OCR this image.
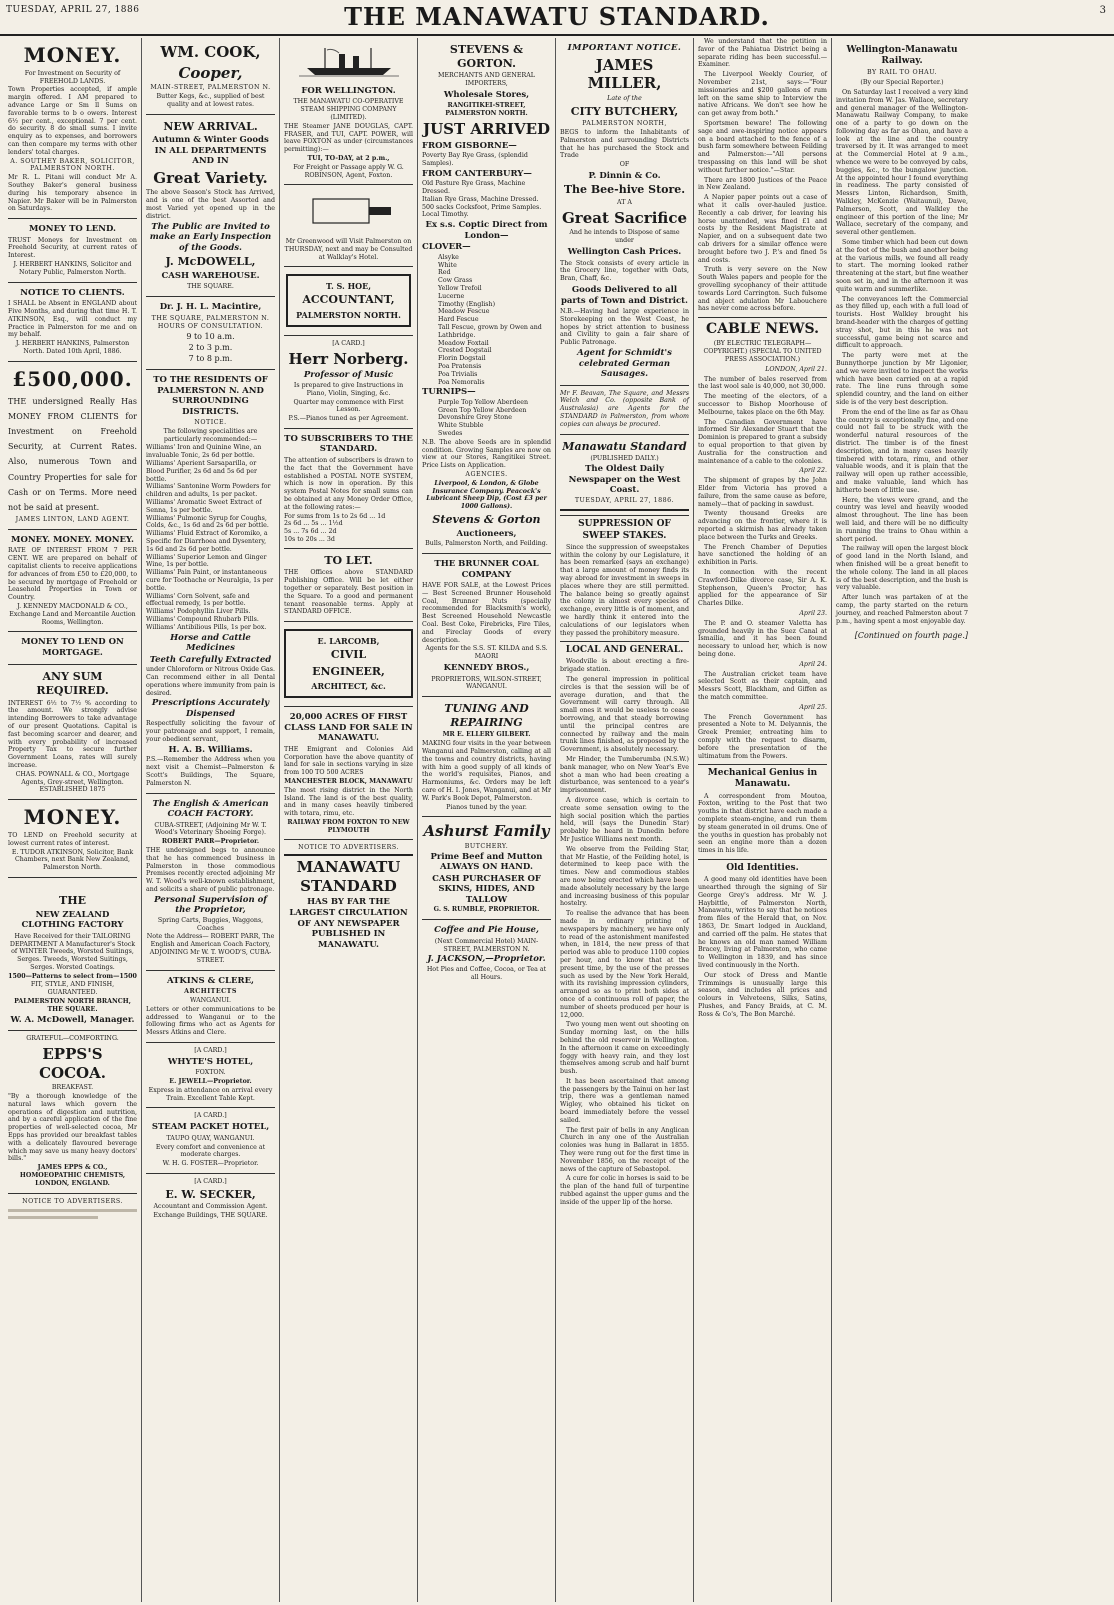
TUESDAY, APRIL 27, 1886	THE MANAWATU STANDARD.	3
MONEY.

For Investment on Security of FREEHOLD LANDS.

Town Properties accepted, if ample margin offered. I AM prepared to advance Large or Sm ll Sums on favorable terms to b o owers. Interest 6½ per cent., exceptional. 7 per cent. do security. 8 do small sums. I invite enquiry as to expenses, and borrowers can then compare my terms with other lenders' total charges.

A. SOUTHEY BAKER, SOLICITOR, PALMERSTON NORTH.

Mr R. L. Pitani will conduct Mr A. Southey Baker's general business during his temporary absence in Napier. Mr Baker will be in Palmerston on Saturdays.

MONEY TO LEND.

TRUST Moneys for Investment on Freehold Security, at current rates of Interest.

J. HERBERT HANKINS, Solicitor and Notary Public, Palmerston North.

NOTICE TO CLIENTS.

I SHALL be Absent in ENGLAND about Five Months, and during that time H. T. ATKINSON, Esq., will conduct my Practice in Palmerston for me and on my behalf.

J. HERBERT HANKINS, Palmerston North. Dated 10th April, 1886.

£500,000.

THE undersigned Really Has MONEY FROM CLIENTS for Investment on Freehold Security, at Current Rates. Also, numerous Town and Country Properties for sale for Cash or on Terms. More need not be said at present.

JAMES LINTON, LAND AGENT.

MONEY. MONEY. MONEY.

RATE OF INTEREST FROM 7 PER CENT. WE are prepared on behalf of capitalist clients to receive applications for advances of from £50 to £20,000, to be secured by mortgage of Freehold or Leasehold Properties in Town or Country.

J. KENNEDY MACDONALD & CO., Exchange Land and Mercantile Auction Rooms, Wellington.

MONEY TO LEND ON MORTGAGE.
ANY SUM REQUIRED.

INTEREST 6½ to 7½ % according to the amount. We strongly advise intending Borrowers to take advantage of our present Quotations. Capital is fast becoming scarcer and dearer, and with every probability of increased Property Tax to secure further Government Loans, rates will surely increase.

CHAS. POWNALL & CO., Mortgage Agents, Grey-street, Wellington. ESTABLISHED 1875

MONEY.

TO LEND on Freehold security at lowest current rates of interest.

E. TUDOR ATKINSON, Solicitor, Bank Chambers, next Bank New Zealand, Palmerston North.

THE
NEW ZEALAND CLOTHING FACTORY

Have Received for their TAILORING DEPARTMENT A Manufacturer's Stock of WINTER Tweeds, Worsted Suitings, Serges. Tweeds, Worsted Suitings, Serges. Worsted Coatings.

1500—Patterns to select from—1500

FIT, STYLE, AND FINISH, GUARANTEED.

PALMERSTON NORTH BRANCH, THE SQUARE.

W. A. McDowell, Manager.

GRATEFUL—COMFORTING.

EPPS'S COCOA.

BREAKFAST.

"By a thorough knowledge of the natural laws which govern the operations of digestion and nutrition, and by a careful application of the fine properties of well-selected cocoa, Mr Epps has provided our breakfast tables with a delicately flavoured beverage which may save us many heavy doctors' bills."

JAMES EPPS & CO., HOMOEOPATHIC CHEMISTS, LONDON, ENGLAND.

NOTICE TO ADVERTISERS.

WM. COOK,
Cooper,

MAIN-STREET, PALMERSTON N.

Butter Kegs, &c., supplied of best quality and at lowest rates.

NEW ARRIVAL.
Autumn & Winter Goods IN ALL DEPARTMENTS AND IN
Great Variety.

The above Season's Stock has Arrived, and is one of the best Assorted and most Varied yet opened up in the district.

The Public are Invited to make an Early Inspection of the Goods.

J. McDOWELL,
CASH WAREHOUSE.

THE SQUARE.

Dr. J. H. L. Macintire,

THE SQUARE, PALMERSTON N.

HOURS OF CONSULTATION.

9 to 10 a.m.

2 to 3 p.m.

7 to 8 p.m.

TO THE RESIDENTS OF PALMERSTON N. AND SURROUNDING DISTRICTS.

NOTICE.

The following specialities are particularly recommended:—

Williams' Iron and Quinine Wine, an invaluable Tonic, 2s 6d per bottle.

Williams' Aperient Sarsaparilla, or Blood Purifier, 2s 6d and 5s 6d per bottle.

Williams' Santonine Worm Powders for children and adults, 1s per packet.

Williams' Aromatic Sweet Extract of Senna, 1s per bottle.

Williams' Pulmonic Syrup for Coughs, Colds, &c., 1s 6d and 2s 6d per bottle.

Williams' Fluid Extract of Koromiko, a Specific for Diarrhoea and Dysentery, 1s 6d and 2s 6d per bottle.

Williams' Superior Lemon and Ginger Wine, 1s per bottle.

Williams' Pain Paint, or instantaneous cure for Toothache or Neuralgia, 1s per bottle.

Williams' Corn Solvent, safe and effectual remedy, 1s per bottle.

Williams' Podophyllin Liver Pills.

Williams' Compound Rhubarb Pills.

Williams' Antibilious Pills, 1s per box.

Horse and Cattle Medicines

Teeth Carefully Extracted

under Chloroform or Nitrous Oxide Gas. Can recommend either in all Dental operations where immunity from pain is desired.

Prescriptions Accurately Dispensed

Respectfully soliciting the favour of your patronage and support, I remain, your obedient servant,

H. A. B. Williams.

P.S.—Remember the Address when you next visit a Chemist—Palmerston & Scott's Buildings, The Square, Palmerston N.

The English & American COACH FACTORY.

CUBA-STREET, (Adjoining Mr W. T. Wood's Veterinary Shoeing Forge).

ROBERT PARR—Proprietor.

THE undersigned begs to announce that he has commenced business in Palmerston in those commodious Premises recently erected adjoining Mr W. T. Wood's well-known establishment, and solicits a share of public patronage.

Personal Supervision of the Proprietor,

Spring Carts, Buggies, Waggons, Coaches

Note the Address— ROBERT PARR, The English and American Coach Factory, ADJOINING Mr W. T. WOOD'S, CUBA-STREET.

ATKINS & CLERE,

ARCHITECTS

WANGANUI.

Letters or other communications to be addressed to Wanganui or to the following firms who act as Agents for Messrs Atkins and Clere.

[A CARD.]

WHYTE'S HOTEL,

FOXTON.

E. JEWELL—Proprietor.

Express in attendance on arrival every Train. Excellent Table Kept.

[A CARD.]

STEAM PACKET HOTEL,

TAUPO QUAY, WANGANUI.

Every comfort and convenience at moderate charges.

W. H. G. FOSTER—Proprietor.

[A CARD.]

E. W. SECKER,

Accountant and Commission Agent.

Exchange Buildings, THE SQUARE.

FOR WELLINGTON.

THE MANAWATU CO-OPERATIVE STEAM SHIPPING COMPANY (LIMITED).

THE Steamer JANE DOUGLAS, CAPT. FRASER, and TUI, CAPT. POWER, will leave FOXTON as under (circumstances permitting):—

TUI, TO-DAY, at 2 p.m.,

For Freight or Passage apply W. G. ROBINSON, Agent, Foxton.

Mr Greenwood will Visit Palmerston on THURSDAY, next and may be Consulted at Walklay's Hotel.

T. S. HOE,
ACCOUNTANT,
PALMERSTON NORTH.

[A CARD.]

Herr Norberg.

Professor of Music

Is prepared to give Instructions in Piano, Violin, Singing, &c.

Quarter may commence with First Lesson.

P.S.—Pianos tuned as per Agreement.

TO SUBSCRIBERS TO THE STANDARD.

The attention of subscribers is drawn to the fact that the Government have established a POSTAL NOTE SYSTEM, which is now in operation. By this system Postal Notes for small sums can be obtained at any Money Order Office, at the following rates:—

For sums from 1s to 2s 6d ... 1d

2s 6d ... 5s ... 1½d

5s ... 7s 6d ... 2d

10s to 20s ... 3d

TO LET.

THE Offices above STANDARD Publishing Office. Will be let either together or separately. Best position in the Square. To a good and permanent tenant reasonable terms. Apply at STANDARD OFFICE.

E. LARCOMB,
CIVIL ENGINEER,
ARCHITECT, &c.
20,000 ACRES OF FIRST CLASS LAND FOR SALE IN MANAWATU.

THE Emigrant and Colonies Aid Corporation have the above quantity of land for sale in sections varying in size from 100 TO 500 ACRES

MANCHESTER BLOCK, MANAWATU

The most rising district in the North Island. The land is of the best quality, and in many cases heavily timbered with totara, rimu, etc.

RAILWAY FROM FOXTON TO NEW PLYMOUTH

NOTICE TO ADVERTISERS.

MANAWATU STANDARD

HAS BY FAR THE LARGEST CIRCULATION OF ANY NEWSPAPER PUBLISHED IN MANAWATU.

STEVENS & GORTON.

MERCHANTS AND GENERAL IMPORTERS,

Wholesale Stores,

RANGITIKEI-STREET, PALMERSTON NORTH.

JUST ARRIVED

FROM GISBORNE—

Poverty Bay Rye Grass, (splendid Samples).

FROM CANTERBURY—

Old Pasture Rye Grass, Machine Dressed.

Italian Rye Grass, Machine Dressed.

500 sacks Cocksfoot, Prime Samples.

Local Timothy.

Ex s.s. Coptic Direct from London—

CLOVER—

Alsyke

White

Red

Cow Grass

Yellow Trefoil

Lucerne

Timothy (English)

Meadow Fescue

Hard Fescue

Tall Fescue, grown by Owen and Lathbridge.

Meadow Foxtail

Crested Dogstail

Florin Dogstail

Poa Pratensis

Poa Trivialis

Poa Nemoralis

TURNIPS—

Purple Top Yellow Aberdeen

Green Top Yellow Aberdeen

Devonshire Grey Stone

White Stubble

Swedes

N.B. The above Seeds are in splendid condition. Growing Samples are now on view at our Stores, Rangitikei Street. Price Lists on Application.

AGENCIES.

Liverpool, & London, & Globe Insurance Company. Peacock's Lubricant Sheep Dip, (Cost £3 per 1000 Gallons).

Stevens & Gorton

Auctioneers,

Bulls, Palmerston North, and Feilding.

THE BRUNNER COAL COMPANY

HAVE FOR SALE, at the Lowest Prices— Best Screened Brunner Household Coal, Brunner Nuts (specially recommended for Blacksmith's work), Best Screened Household Newcastle Coal. Best Coke, Firebricks, Fire Tiles, and Fireclay Goods of every description.

Agents for the S.S. ST. KILDA and S.S. MAORI

KENNEDY BROS.,

PROPRIETORS, WILSON-STREET, WANGANUI.

TUNING AND REPAIRING

MR E. ELLERY GILBERT.

MAKING four visits in the year between Wanganui and Palmerston, calling at all the towns and country districts, having with him a good supply of all kinds of the world's requisites, Pianos, and Harmoniums, &c. Orders may be left care of H. I. Jones, Wanganui, and at Mr W. Park's Book Depot, Palmerston.

Pianos tuned by the year.

Ashurst Family

BUTCHERY.

Prime Beef and Mutton ALWAYS ON HAND.

CASH PURCHASER OF SKINS, HIDES, AND TALLOW

G. S. RUMBLE, PROPRIETOR.

Coffee and Pie House,

(Next Commercial Hotel) MAIN-STREET, PALMERSTON N.

J. JACKSON,—Proprietor.

Hot Pies and Coffee, Cocoa, or Tea at all Hours.

IMPORTANT NOTICE.
JAMES MILLER,

Late of the

CITY BUTCHERY,

PALMERSTON NORTH,

BEGS to inform the Inhabitants of Palmerston and surrounding Districts that he has purchased the Stock and Trade

OF

P. Dinnin & Co.
The Bee-hive Store.

AT A

Great Sacrifice

And he intends to Dispose of same under

Wellington Cash Prices.

The Stock consists of every article in the Grocery line, together with Oats, Bran, Chaff, &c.

Goods Delivered to all parts of Town and District.

N.B.—Having had large experience in Storekeeping on the West Coast, he hopes by strict attention to business and Civility to gain a fair share of Public Patronage.

Agent for Schmidt's celebrated German Sausages.

Mr F. Beavan, The Square, and Messrs Welch and Co. (opposite Bank of Australasia) are Agents for the STANDARD in Palmerston, from whom copies can always be procured.

Manawatu Standard

(PUBLISHED DAILY.)

The Oldest Daily Newspaper on the West Coast.

TUESDAY, APRIL 27, 1886.

SUPPRESSION OF SWEEP STAKES.

Since the suppression of sweepstakes within the colony by our Legislature, it has been remarked (says an exchange) that a large amount of money finds its way abroad for investment in sweeps in places where they are still permitted. The balance being so greatly against the colony in almost every species of exchange, every little is of moment, and we hardly think it entered into the calculations of our legislators when they passed the prohibitory measure.

LOCAL AND GENERAL.

Woodville is about erecting a fire-brigade station.

The general impression in political circles is that the session will be of average duration, and that the Government will carry through. All small ones it would be useless to cease borrowing, and that steady borrowing until the principal centres are connected by railway and the main trunk lines finished, as proposed by the Government, is absolutely necessary.

Mr Hinder, the Tumberumba (N.S.W.) bank manager, who on New Year's Eve shot a man who had been creating a disturbance, was sentenced to a year's imprisonment.

A divorce case, which is certain to create some sensation owing to the high social position which the parties held, will (says the Dunedin Star) probably be heard in Dunedin before Mr Justice Williams next month.

We observe from the Feilding Star, that Mr Hastie, of the Feilding hotel, is determined to keep pace with the times. New and commodious stables are now being erected which have been made absolutely necessary by the large and increasing business of this popular hostelry.

To realise the advance that has been made in ordinary printing of newspapers by machinery, we have only to read of the astonishment manifested when, in 1814, the new press of that period was able to produce 1100 copies per hour, and to know that at the present time, by the use of the presses such as used by the New York Herald, with its ravishing impression cylinders, arranged so as to print both sides at once of a continuous roll of paper, the number of sheets produced per hour is 12,000.

Two young men went out shooting on Sunday morning last, on the hills behind the old reservoir in Wellington. In the afternoon it came on exceedingly foggy with heavy rain, and they lost themselves among scrub and half burnt bush.

It has been ascertained that among the passengers by the Tainui on her last trip, there was a gentleman named Wigley, who obtained his ticket on board immediately before the vessel sailed.

The first pair of bells in any Anglican Church in any one of the Australian colonies was hung in Ballarat in 1855. They were rung out for the first time in November 1856, on the receipt of the news of the capture of Sebastopol.

A cure for colic in horses is said to be the plan of the hand full of turpentine rubbed against the upper gums and the inside of the upper lip of the horse.

We understand that the petition in favor of the Pahiatua District being a separate riding has been successful.—Examiner.

The Liverpool Weekly Courier, of November 21st, says:—"Four missionaries and $200 gallons of rum left on the same ship to Interview the native Africans. We don't see how he can get away from both."

Sportsmen beware! The following sage and awe-inspiring notice appears on a board attached to the fence of a bush farm somewhere between Feilding and Palmerston:—"All persons trespassing on this land will be shot without further notice."—Star.

There are 1800 Justices of the Peace in New Zealand.

A Napier paper points out a case of what it calls over-hauled justice. Recently a cab driver, for leaving his horse unattended, was fined £1 and costs by the Resident Magistrate at Napier, and on a subsequent date two cab drivers for a similar offence were brought before two J. P.'s and fined 5s and costs.

Truth is very severe on the New South Wales papers and people for the grovelling sycophancy of their attitude towards Lord Carrington. Such fulsome and abject adulation Mr Labouchere has never come across before.

CABLE NEWS.

(BY ELECTRIC TELEGRAPH—COPYRIGHT.) (SPECIAL TO UNITED PRESS ASSOCIATION.)

LONDON, April 21.

The number of bales reserved from the last wool sale is 40,000, not 30,000.

The meeting of the electors, of a successor to Bishop Moorhouse of Melbourne, takes place on the 6th May.

The Canadian Government have informed Sir Alexander Stuart that the Dominion is prepared to grant a subsidy to equal proportion to that given by Australia for the construction and maintenance of a cable to the colonies.

April 22.

The shipment of grapes by the John Elder from Victoria has proved a failure, from the same cause as before, namely—that of packing in sawdust.

Twenty thousand Greeks are advancing on the frontier, where it is reported a skirmish has already taken place between the Turks and Greeks.

The French Chamber of Deputies have sanctioned the holding of an exhibition in Paris.

In connection with the recent Crawford-Dilke divorce case, Sir A. K. Stephenson, Queen's Proctor, has applied for the appearance of Sir Charles Dilke.

April 23.

The P. and O. steamer Valetta has grounded heavily in the Suez Canal at Ismailia, and it has been found necessary to unload her, which is now being done.

April 24.

The Australian cricket team have selected Scott as their captain, and Messrs Scott, Blackham, and Giffen as the match committee.

April 25.

The French Government has presented a Note to M. Delyannis, the Greek Premier, entreating him to comply with the request to disarm, before the presentation of the ultimatum from the Powers.

Mechanical Genius in Manawatu.

A correspondent from Moutoa, Foxton, writing to the Post that two youths in that district have each made a complete steam-engine, and run them by steam generated in oil drums. One of the youths in question has probably not seen an engine more than a dozen times in his life.

Old Identities.

A good many old identities have been unearthed through the signing of Sir George Grey's address. Mr W. J. Haybittle, of Palmerston North, Manawatu, writes to say that he notices from files of the Herald that, on Nov. 1863, Dr. Smart lodged in Auckland, and carried off the palm. He states that he knows an old man named William Bracey, living at Palmerston, who came to Wellington in 1839, and has since lived continuously in the North.

Our stock of Dress and Mantle Trimmings is unusually large this season, and includes all prices and colours in Velveteens, Silks, Satins, Plushes, and Fancy Braids, at C. M. Ross & Co's, The Bon Marché.

Wellington-Manawatu Railway.

BY RAIL TO OHAU.

(By our Special Reporter.)

On Saturday last I received a very kind invitation from W. Jas. Wallace, secretary and general manager of the Wellington-Manawatu Railway Company, to make one of a party to go down on the following day as far as Ohau, and have a look at the line and the country traversed by it. It was arranged to meet at the Commercial Hotel at 9 a.m., whence we were to be conveyed by cabs, buggies, &c., to the bungalow junction. At the appointed hour I found everything in readiness. The party consisted of Messrs Linton, Richardson, Smith, Walkley, McKenzie (Waitaunui), Dawe, Palmerson, Scott, and Walkley the engineer of this portion of the line; Mr Wallace, secretary of the company, and several other gentlemen.

Some timber which had been cut down at the foot of the bush and another being at the various mills, we found all ready to start. The morning looked rather threatening at the start, but fine weather soon set in, and in the afternoon it was quite warm and summerlike.

The conveyances left the Commercial as they filled up, each with a full load of tourists. Host Walkley brought his brand-header with the charges of getting stray shot, but in this he was not successful, game being not scarce and difficult to approach.

The party were met at the Bunnythorpe junction by Mr Ligonier, and we were invited to inspect the works which have been carried on at a rapid rate. The line runs through some splendid country, and the land on either side is of the very best description.

From the end of the line as far as Ohau the country is exceptionally fine, and one could not fail to be struck with the wonderful natural resources of the district. The timber is of the finest description, and in many cases heavily timbered with totara, rimu, and other valuable woods, and it is plain that the railway will open up rather accessible, and make valuable, land which has hitherto been of little use.

Here, the views were grand, and the country was level and heavily wooded almost throughout. The line has been well laid, and there will be no difficulty in running the trains to Ohau within a short period.

The railway will open the largest block of good land in the North Island, and when finished will be a great benefit to the whole colony. The land in all places is of the best description, and the bush is very valuable.

After lunch was partaken of at the camp, the party started on the return journey, and reached Palmerston about 7 p.m., having spent a most enjoyable day.

[Continued on fourth page.]
